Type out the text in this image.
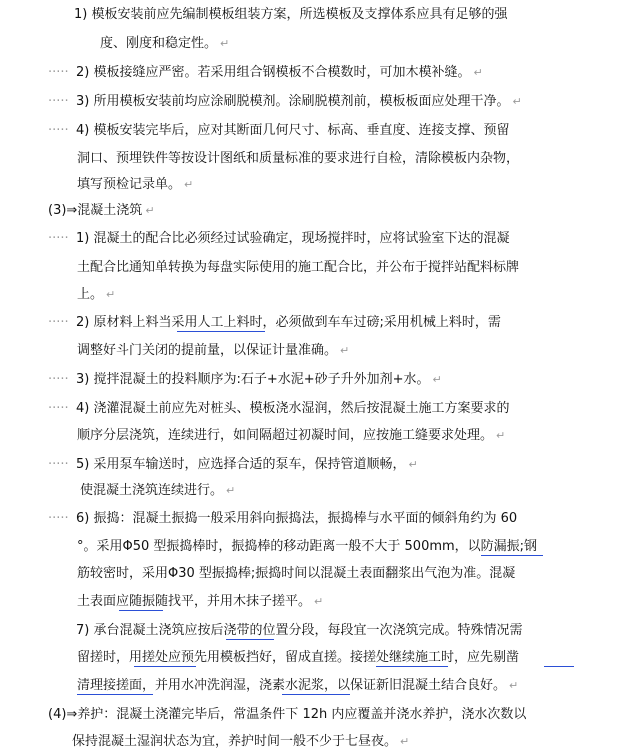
1) 模板安装前应先编制模板组装方案，所选模板及支撑体系应具有足够的强
度、刚度和稳定性。 ↵
····· 2) 模板接缝应严密。若采用组合钢模板不合模数时，可加木模补缝。 ↵
····· 3) 所用模板安装前均应涂刷脱模剂。涂刷脱模剂前，模板板面应处理干净。 ↵
····· 4) 模板安装完毕后，应对其断面几何尺寸、标高、垂直度、连接支撑、预留
洞口、预埋铁件等按设计图纸和质量标准的要求进行自检，清除模板内杂物，
填写预检记录单。 ↵
(3)⇒混凝土浇筑 ↵
····· 1) 混凝土的配合比必须经过试验确定，现场搅拌时，应将试验室下达的混凝
土配合比通知单转换为每盘实际使用的施工配合比，并公布于搅拌站配料标牌
上。 ↵
····· 2) 原材料上料当采用人工上料时，必须做到车车过磅;采用机械上料时，需
调整好斗门关闭的提前量，以保证计量准确。 ↵
····· 3) 搅拌混凝土的投料顺序为:石子+水泥+砂子升外加剂+水。 ↵
····· 4) 浇灌混凝土前应先对桩头、模板浇水湿润，然后按混凝土施工方案要求的
顺序分层浇筑，连续进行，如间隔超过初凝时间，应按施工缝要求处理。 ↵
····· 5) 采用泵车输送时，应选择合适的泵车，保持管道顺畅， ↵
使混凝土浇筑连续进行。 ↵
····· 6) 振捣：混凝土振捣一般采用斜向振捣法，振捣棒与水平面的倾斜角约为 60
°。采用Φ50 型振捣棒时，振捣棒的移动距离一般不大于 500mm，以防漏振;钢
筋较密时，采用Φ30 型振捣棒;振捣时间以混凝土表面翻浆出气泡为准。混凝
土表面应随振随找平，并用木抹子搓平。 ↵
7) 承台混凝土浇筑应按后浇带的位置分段，每段宜一次浇筑完成。特殊情况需
留搓时，用搓处应预先用模板挡好，留成直搓。接搓处继续施工时，应先剔凿
清理接搓面，并用水冲洗润湿，浇素水泥浆，以保证新旧混凝土结合良好。 ↵
(4)⇒养护：混凝土浇灌完毕后，常温条件下 12h 内应覆盖并浇水养护，浇水次数以
保持混凝土湿润状态为宜，养护时间一般不少于七昼夜。 ↵
